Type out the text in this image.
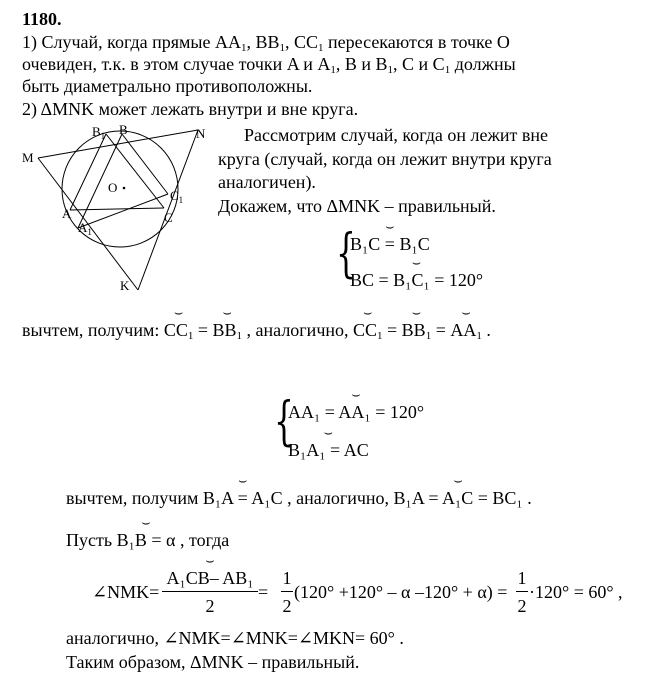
1180.
1) Случай, когда прямые $AA_1$, $BB_1$, $CC_1$ пересекаются в точке O
очевиден, т.к. в этом случае точки A и $A_1$, B и $B_1$, C и $C_1$ должны
быть диаметрально противоположны.
2) ΔMNK может лежать внутри и вне круга.
M
N
K
$B_1$ B
O
$C_1$
C
A
$A_1$
Рассмотрим случай, когда он лежит вне
круга (случай, когда он лежит внутри круга
аналогичен).
Докажем, что ΔMNK – правильный.
{
⌣ B₁C = B₁C
⌣ BC = B₁C₁ = 120°
вычтем, получим: ⌣ $CC_1$ = ⌣ $BB_1$ , аналогично, ⌣ $CC_1$ = ⌣ $BB_1$ = ⌣ $AA_1$ .
{
⌣ AA₁ = AA₁ = 120°
⌣ B₁A₁ = AC
вычтем, получим ⌣ B₁A = A₁C , аналогично, ⌣ B₁A = A₁C = BC₁ .
Пусть ⌣ B₁B = α , тогда
∠NMK=
⌣ A₁CB– AB₁
2
=
1
2
(120° +120° – α –120° + α) =
1
2
·120° = 60° ,
аналогично, ∠NMK=∠MNK=∠MKN= 60° .
Таким образом, ΔMNK – правильный.
